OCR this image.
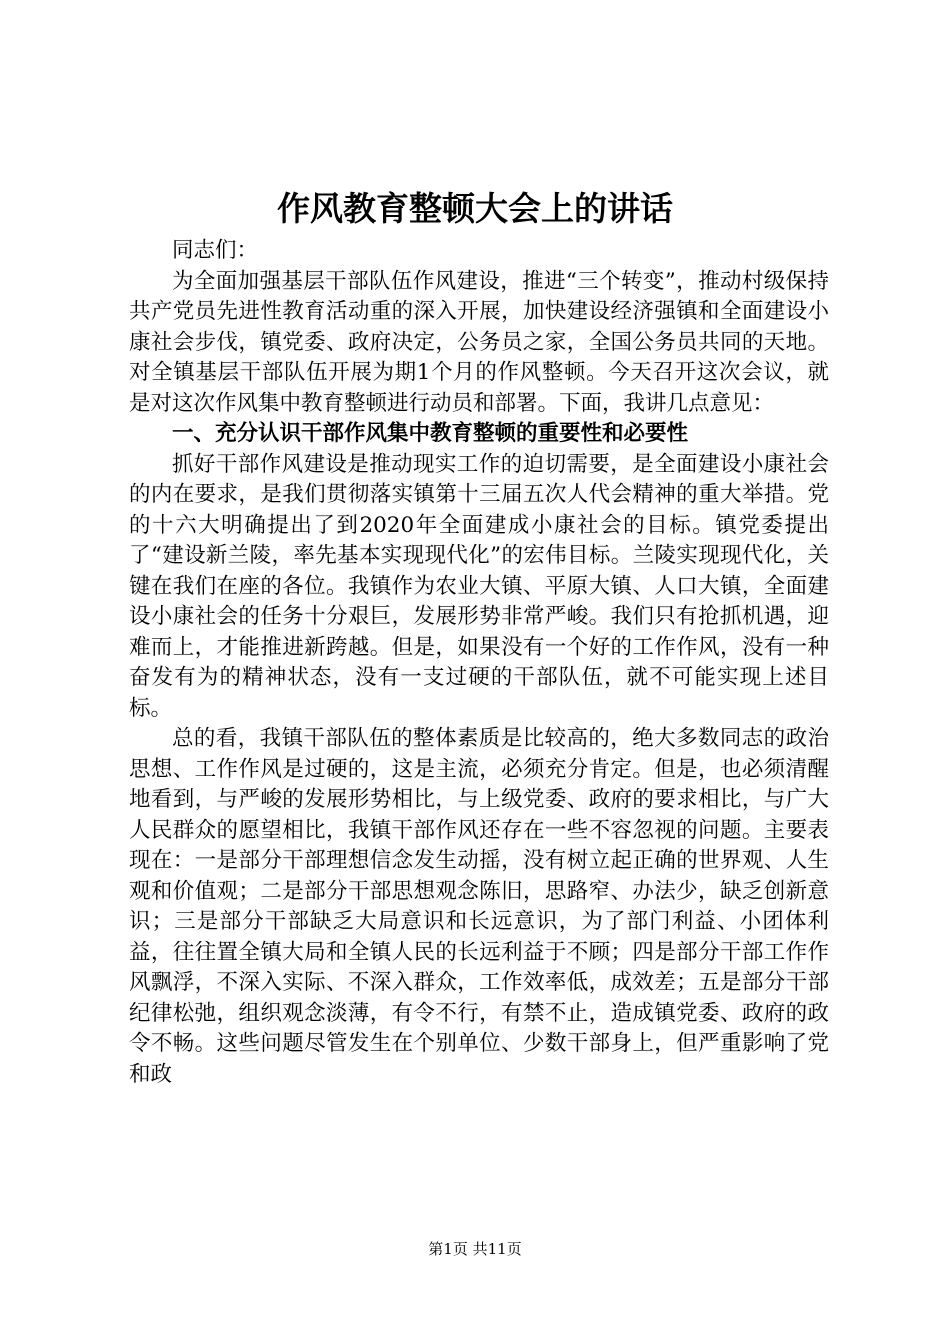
作风教育整顿大会上的讲话

同志们：

为全面加强基层干部队伍作风建设，推进“三个转变”，推动村级保持共产党员先进性教育活动重的深入开展，加快建设经济强镇和全面建设小康社会步伐，镇党委、政府决定，公务员之家，全国公务员共同的天地。对全镇基层干部队伍开展为期1个月的作风整顿。今天召开这次会议，就是对这次作风集中教育整顿进行动员和部署。下面，我讲几点意见：

一、充分认识干部作风集中教育整顿的重要性和必要性

抓好干部作风建设是推动现实工作的迫切需要，是全面建设小康社会的内在要求，是我们贯彻落实镇第十三届五次人代会精神的重大举措。党的十六大明确提出了到2020年全面建成小康社会的目标。镇党委提出了“建设新兰陵，率先基本实现现代化”的宏伟目标。兰陵实现现代化，关键在我们在座的各位。我镇作为农业大镇、平原大镇、人口大镇，全面建设小康社会的任务十分艰巨，发展形势非常严峻。我们只有抢抓机遇，迎难而上，才能推进新跨越。但是，如果没有一个好的工作作风，没有一种奋发有为的精神状态，没有一支过硬的干部队伍，就不可能实现上述目标。

总的看，我镇干部队伍的整体素质是比较高的，绝大多数同志的政治思想、工作作风是过硬的，这是主流，必须充分肯定。但是，也必须清醒地看到，与严峻的发展形势相比，与上级党委、政府的要求相比，与广大人民群众的愿望相比，我镇干部作风还存在一些不容忽视的问题。主要表现在：一是部分干部理想信念发生动摇，没有树立起正确的世界观、人生观和价值观；二是部分干部思想观念陈旧，思路窄、办法少，缺乏创新意识；三是部分干部缺乏大局意识和长远意识，为了部门利益、小团体利益，往往置全镇大局和全镇人民的长远利益于不顾；四是部分干部工作作风飘浮，不深入实际、不深入群众，工作效率低，成效差；五是部分干部纪律松弛，组织观念淡薄，有令不行，有禁不止，造成镇党委、政府的政令不畅。这些问题尽管发生在个别单位、少数干部身上，但严重影响了党和政

第1页 共11页
